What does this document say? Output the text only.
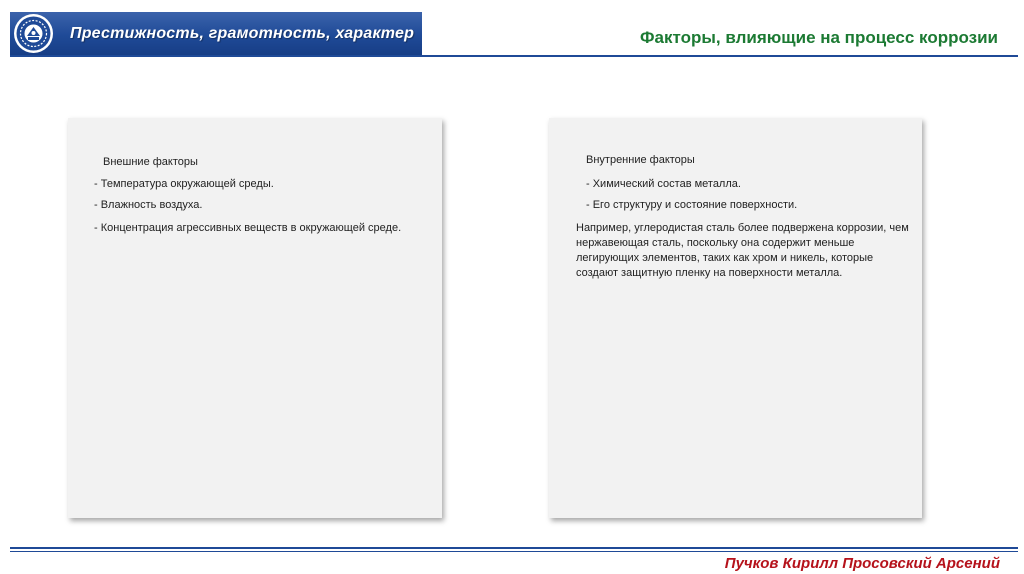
Престижность, грамотность, характер	Факторы, влияющие на процесс коррозии
Внешние факторы
- Температура окружающей среды.
- Влажность воздуха.
- Концентрация агрессивных веществ в окружающей среде.
Внутренние факторы
- Химический состав металла.
- Его структуру и состояние поверхности.
Например, углеродистая сталь более подвержена коррозии, чем нержавеющая сталь, поскольку она содержит меньше легирующих элементов, таких как хром и никель, которые создают защитную пленку на поверхности металла.
Пучков Кирилл Просовский Арсений
